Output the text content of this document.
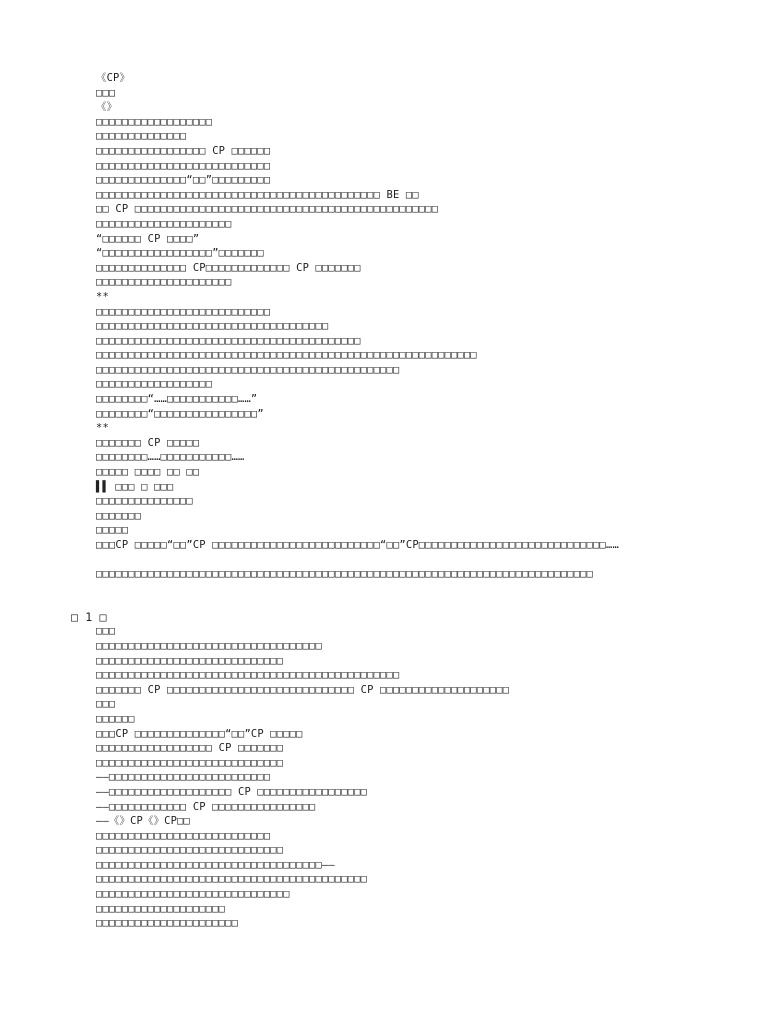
《CP》
□□□
《》
□□□□□□□□□□□□□□□□□□
□□□□□□□□□□□□□□
□□□□□□□□□□□□□□□□□ CP □□□□□□
□□□□□□□□□□□□□□□□□□□□□□□□□□□
□□□□□□□□□□□□□□“□□”□□□□□□□□□
□□□□□□□□□□□□□□□□□□□□□□□□□□□□□□□□□□□□□□□□□□□□ BE □□
□□ CP □□□□□□□□□□□□□□□□□□□□□□□□□□□□□□□□□□□□□□□□□□□□□□□
□□□□□□□□□□□□□□□□□□□□□
“□□□□□□ CP □□□□”
“□□□□□□□□□□□□□□□□□”□□□□□□□
□□□□□□□□□□□□□□ CP□□□□□□□□□□□□□ CP □□□□□□□
□□□□□□□□□□□□□□□□□□□□□
**
□□□□□□□□□□□□□□□□□□□□□□□□□□□
□□□□□□□□□□□□□□□□□□□□□□□□□□□□□□□□□□□□
□□□□□□□□□□□□□□□□□□□□□□□□□□□□□□□□□□□□□□□□□
□□□□□□□□□□□□□□□□□□□□□□□□□□□□□□□□□□□□□□□□□□□□□□□□□□□□□□□□□□□
□□□□□□□□□□□□□□□□□□□□□□□□□□□□□□□□□□□□□□□□□□□□□□□
□□□□□□□□□□□□□□□□□□
□□□□□□□□“……□□□□□□□□□□□……”
□□□□□□□□“□□□□□□□□□□□□□□□□”
**
□□□□□□□ CP □□□□□
□□□□□□□□……□□□□□□□□□□□……
□□□□□ □□□□ □□ □□
▌▌ □□□ □ □□□
□□□□□□□□□□□□□□□
□□□□□□□
□□□□□
□□□CP □□□□□“□□”CP □□□□□□□□□□□□□□□□□□□□□□□□□□“□□”CP□□□□□□□□□□□□□□□□□□□□□□□□□□□□□……
□□□□□□□□□□□□□□□□□□□□□□□□□□□□□□□□□□□□□□□□□□□□□□□□□□□□□□□□□□□□□□□□□□□□□□□□□□□□□
□ 1 □
□□□
□□□□□□□□□□□□□□□□□□□□□□□□□□□□□□□□□□□
□□□□□□□□□□□□□□□□□□□□□□□□□□□□□
□□□□□□□□□□□□□□□□□□□□□□□□□□□□□□□□□□□□□□□□□□□□□□□
□□□□□□□ CP □□□□□□□□□□□□□□□□□□□□□□□□□□□□□ CP □□□□□□□□□□□□□□□□□□□□
□□□
□□□□□□
□□□CP □□□□□□□□□□□□□□“□□”CP □□□□□
□□□□□□□□□□□□□□□□□□ CP □□□□□□□
□□□□□□□□□□□□□□□□□□□□□□□□□□□□□
——□□□□□□□□□□□□□□□□□□□□□□□□□
——□□□□□□□□□□□□□□□□□□□ CP □□□□□□□□□□□□□□□□□
——□□□□□□□□□□□□ CP □□□□□□□□□□□□□□□□
——《》CP《》CP□□
□□□□□□□□□□□□□□□□□□□□□□□□□□□
□□□□□□□□□□□□□□□□□□□□□□□□□□□□□
□□□□□□□□□□□□□□□□□□□□□□□□□□□□□□□□□□□——
□□□□□□□□□□□□□□□□□□□□□□□□□□□□□□□□□□□□□□□□□□
□□□□□□□□□□□□□□□□□□□□□□□□□□□□□□
□□□□□□□□□□□□□□□□□□□□
□□□□□□□□□□□□□□□□□□□□□□
